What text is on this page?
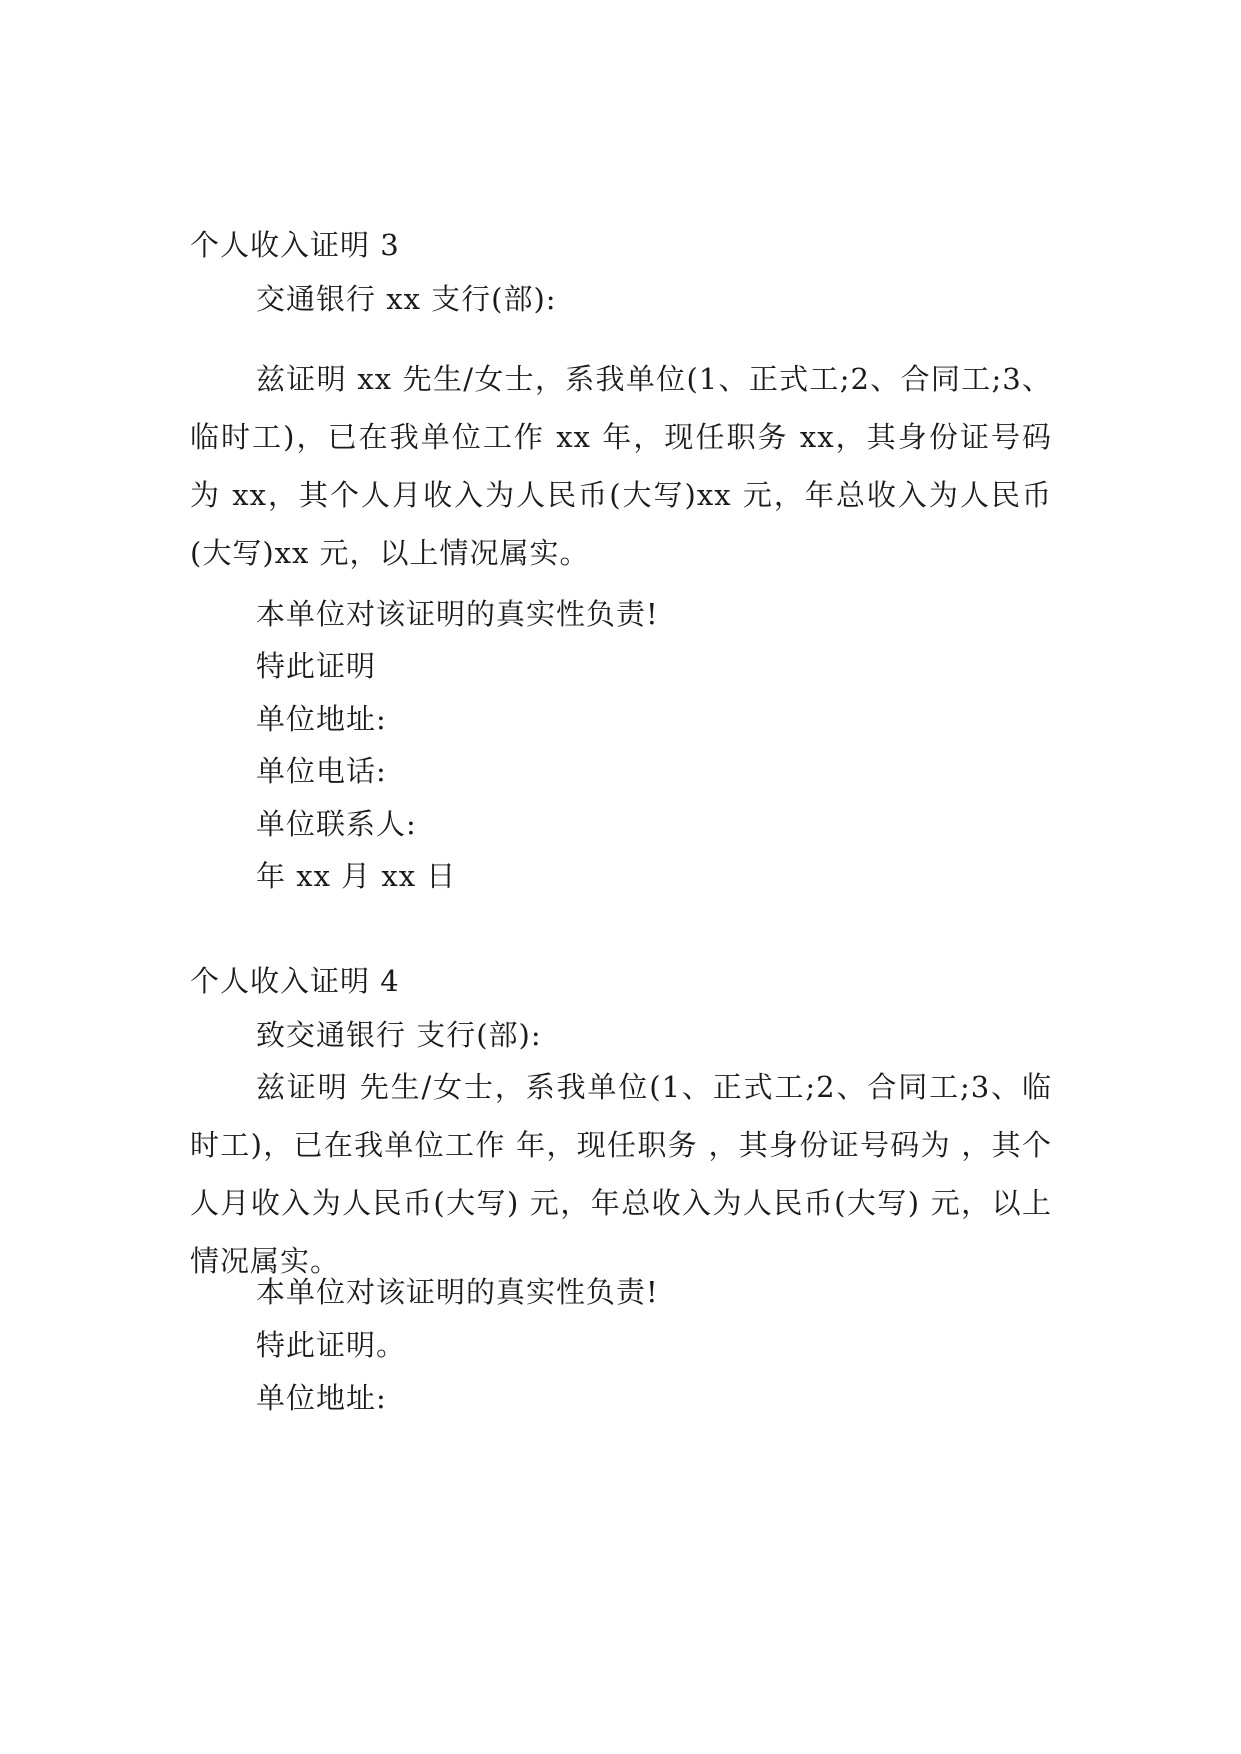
个人收入证明 3
交通银行 xx 支行(部):
兹证明 xx 先生/女士，系我单位(1、正式工;2、合同工;3、临时工)，已在我单位工作 xx 年，现任职务 xx，其身份证号码为 xx，其个人月收入为人民币(大写)xx 元，年总收入为人民币(大写)xx 元，以上情况属实。
本单位对该证明的真实性负责!
特此证明
单位地址:
单位电话:
单位联系人:
年 xx 月 xx 日
个人收入证明 4
致交通银行 支行(部):
兹证明 先生/女士，系我单位(1、正式工;2、合同工;3、临时工)，已在我单位工作 年，现任职务 ，其身份证号码为 ，其个人月收入为人民币(大写) 元，年总收入为人民币(大写) 元，以上情况属实。
本单位对该证明的真实性负责!
特此证明。
单位地址:
